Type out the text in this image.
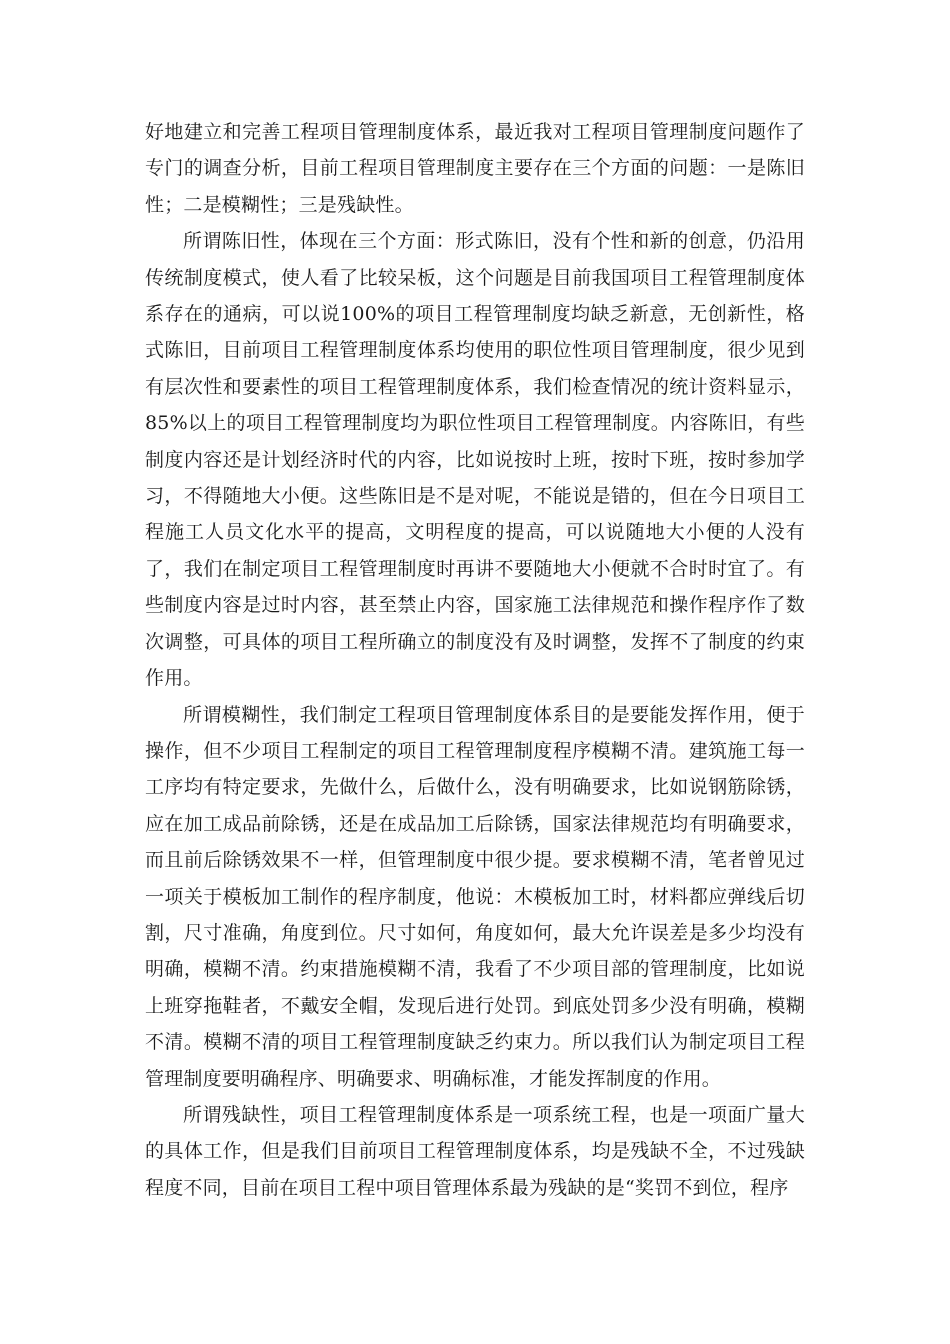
好地建立和完善工程项目管理制度体系，最近我对工程项目管理制度问题作了专门的调查分析，目前工程项目管理制度主要存在三个方面的问题：一是陈旧性；二是模糊性；三是残缺性。

所谓陈旧性，体现在三个方面：形式陈旧，没有个性和新的创意，仍沿用传统制度模式，使人看了比较呆板，这个问题是目前我国项目工程管理制度体系存在的通病，可以说100%的项目工程管理制度均缺乏新意，无创新性，格式陈旧，目前项目工程管理制度体系均使用的职位性项目管理制度，很少见到有层次性和要素性的项目工程管理制度体系，我们检查情况的统计资料显示，85%以上的项目工程管理制度均为职位性项目工程管理制度。内容陈旧，有些制度内容还是计划经济时代的内容，比如说按时上班，按时下班，按时参加学习，不得随地大小便。这些陈旧是不是对呢，不能说是错的，但在今日项目工程施工人员文化水平的提高，文明程度的提高，可以说随地大小便的人没有了，我们在制定项目工程管理制度时再讲不要随地大小便就不合时时宜了。有些制度内容是过时内容，甚至禁止内容，国家施工法律规范和操作程序作了数次调整，可具体的项目工程所确立的制度没有及时调整，发挥不了制度的约束作用。

所谓模糊性，我们制定工程项目管理制度体系目的是要能发挥作用，便于操作，但不少项目工程制定的项目工程管理制度程序模糊不清。建筑施工每一工序均有特定要求，先做什么，后做什么，没有明确要求，比如说钢筋除锈，应在加工成品前除锈，还是在成品加工后除锈，国家法律规范均有明确要求，而且前后除锈效果不一样，但管理制度中很少提。要求模糊不清，笔者曾见过一项关于模板加工制作的程序制度，他说：木模板加工时，材料都应弹线后切割，尺寸准确，角度到位。尺寸如何，角度如何，最大允许误差是多少均没有明确，模糊不清。约束措施模糊不清，我看了不少项目部的管理制度，比如说上班穿拖鞋者，不戴安全帽，发现后进行处罚。到底处罚多少没有明确，模糊不清。模糊不清的项目工程管理制度缺乏约束力。所以我们认为制定项目工程管理制度要明确程序、明确要求、明确标准，才能发挥制度的作用。

所谓残缺性，项目工程管理制度体系是一项系统工程，也是一项面广量大的具体工作，但是我们目前项目工程管理制度体系，均是残缺不全，不过残缺程度不同，目前在项目工程中项目管理体系最为残缺的是“奖罚不到位，程序
